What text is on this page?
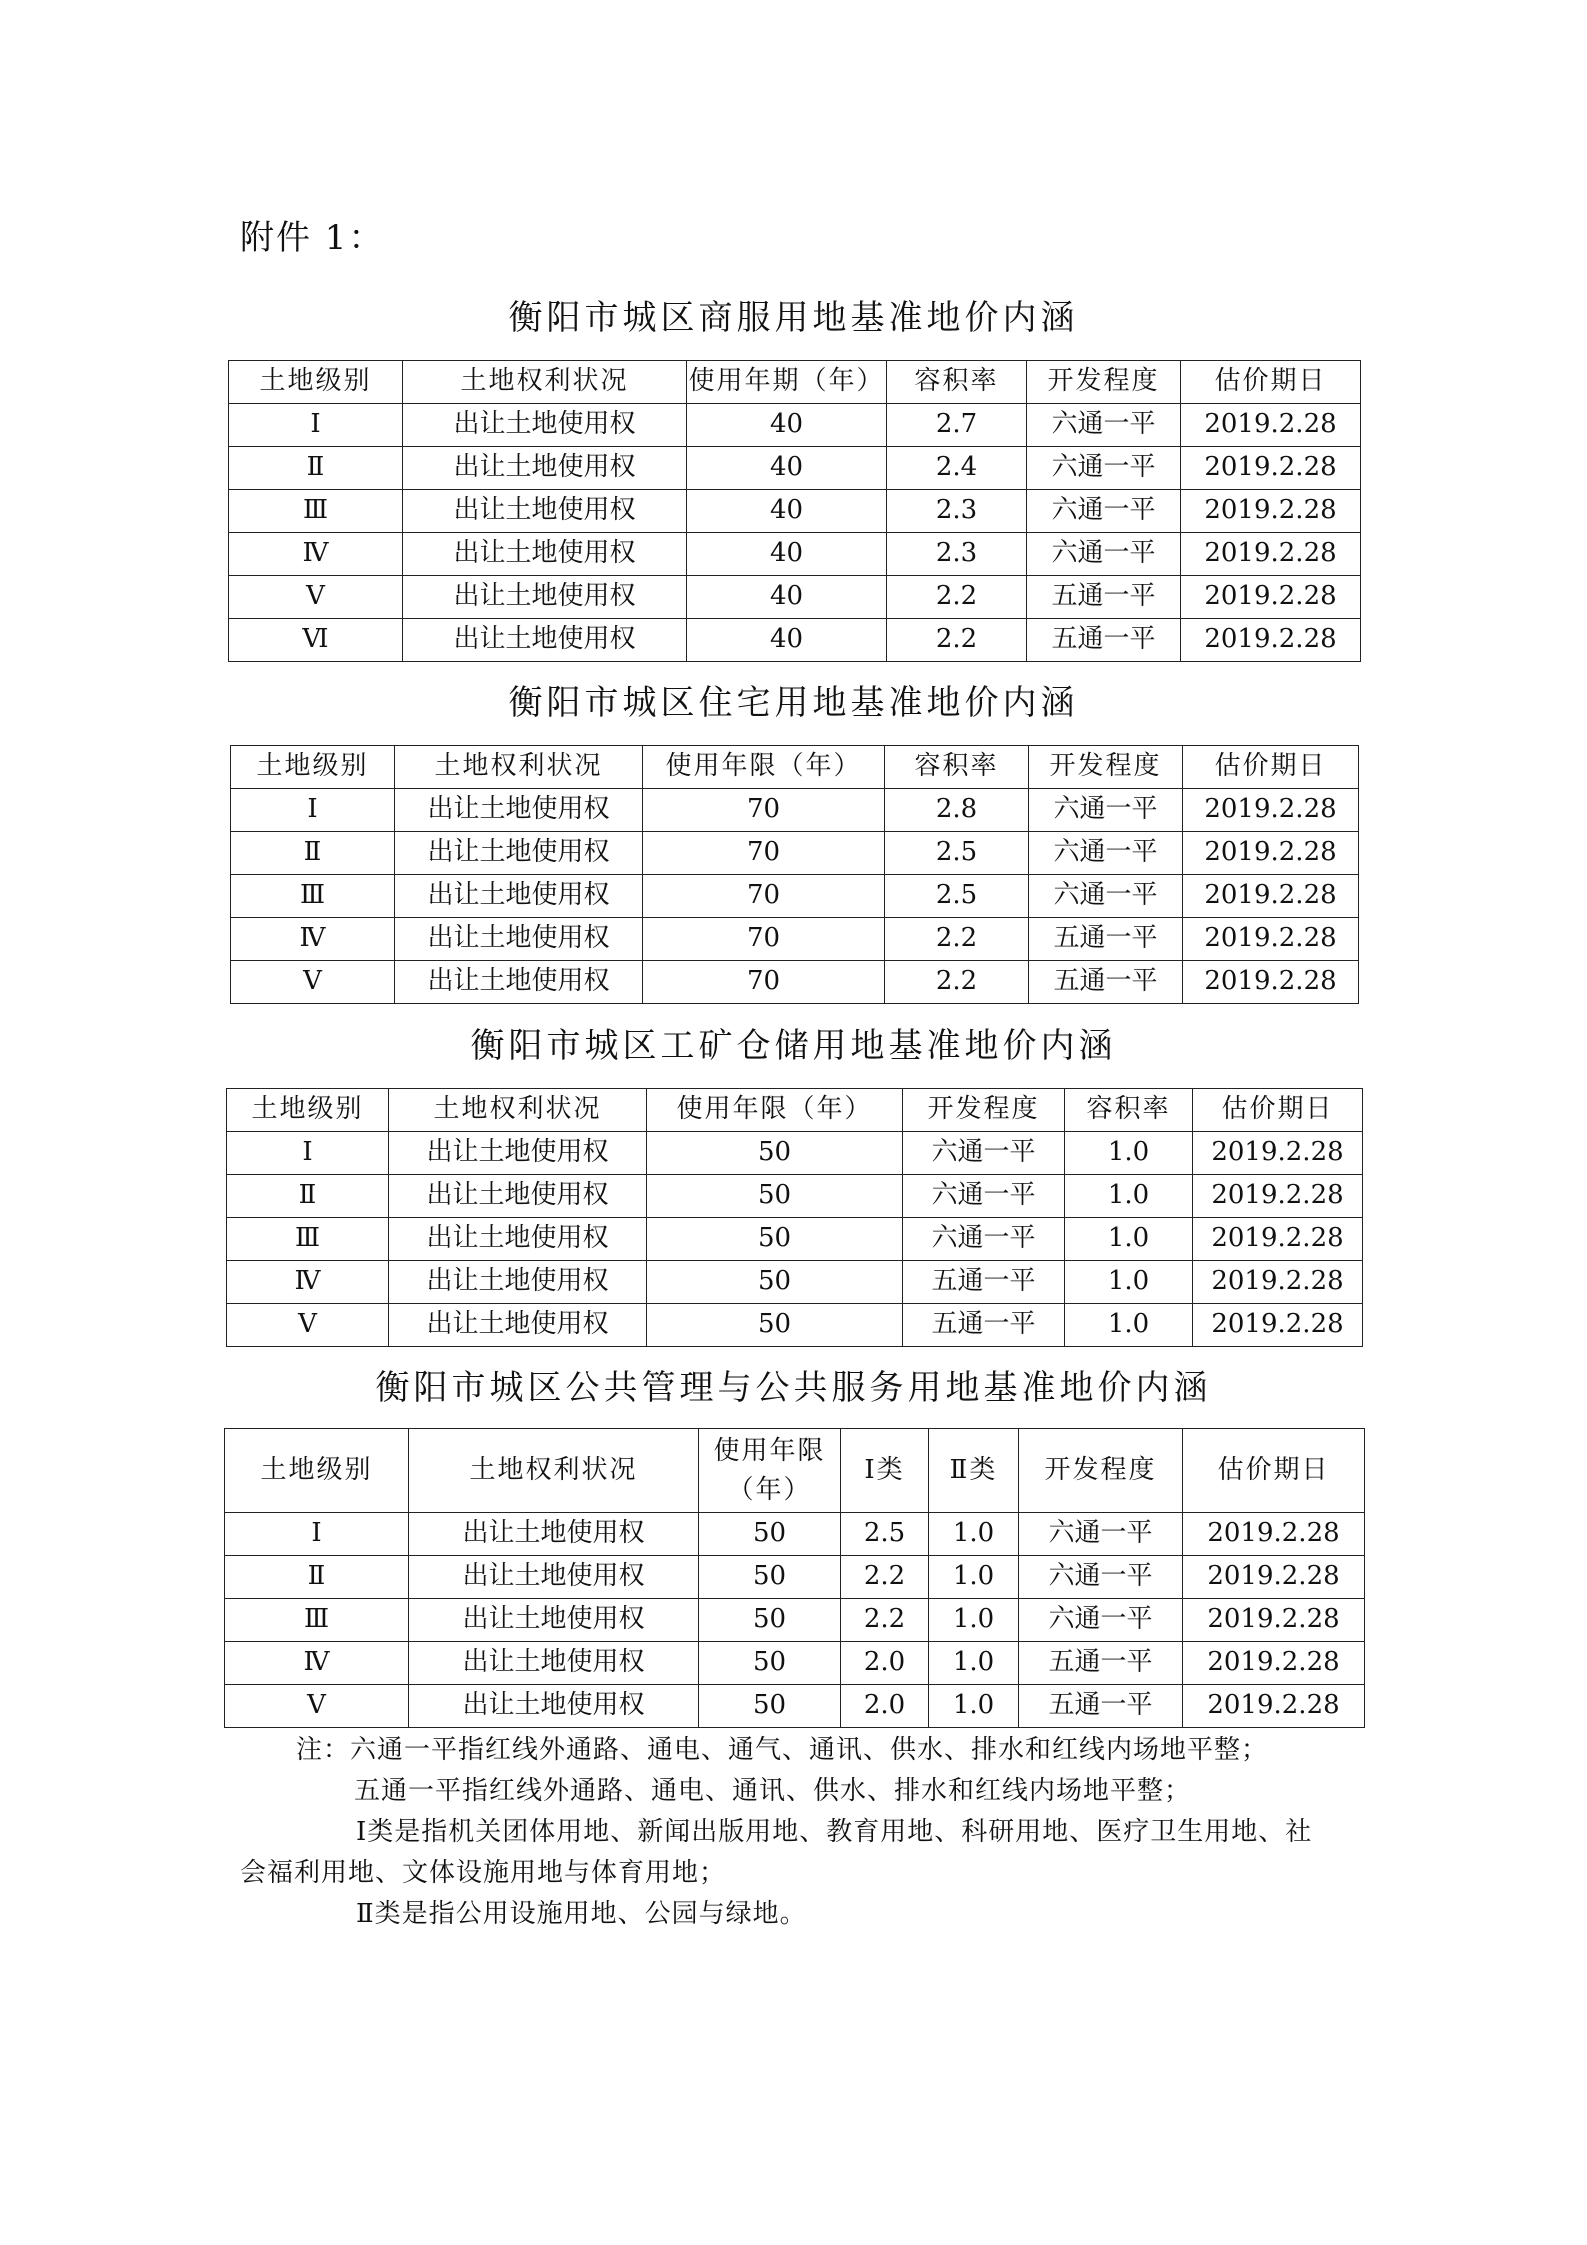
附件 1：
衡阳市城区商服用地基准地价内涵
土地级别	土地权利状况	使用年期（年）	容积率	开发程度	估价期日
Ⅰ	出让土地使用权	40	2.7	六通一平	2019.2.28
Ⅱ	出让土地使用权	40	2.4	六通一平	2019.2.28
Ⅲ	出让土地使用权	40	2.3	六通一平	2019.2.28
Ⅳ	出让土地使用权	40	2.3	六通一平	2019.2.28
Ⅴ	出让土地使用权	40	2.2	五通一平	2019.2.28
Ⅵ	出让土地使用权	40	2.2	五通一平	2019.2.28
衡阳市城区住宅用地基准地价内涵
土地级别	土地权利状况	使用年限（年）	容积率	开发程度	估价期日
Ⅰ	出让土地使用权	70	2.8	六通一平	2019.2.28
Ⅱ	出让土地使用权	70	2.5	六通一平	2019.2.28
Ⅲ	出让土地使用权	70	2.5	六通一平	2019.2.28
Ⅳ	出让土地使用权	70	2.2	五通一平	2019.2.28
Ⅴ	出让土地使用权	70	2.2	五通一平	2019.2.28
衡阳市城区工矿仓储用地基准地价内涵
土地级别	土地权利状况	使用年限（年）	开发程度	容积率	估价期日
Ⅰ	出让土地使用权	50	六通一平	1.0	2019.2.28
Ⅱ	出让土地使用权	50	六通一平	1.0	2019.2.28
Ⅲ	出让土地使用权	50	六通一平	1.0	2019.2.28
Ⅳ	出让土地使用权	50	五通一平	1.0	2019.2.28
Ⅴ	出让土地使用权	50	五通一平	1.0	2019.2.28
衡阳市城区公共管理与公共服务用地基准地价内涵
土地级别	土地权利状况	使用年限（年）	Ⅰ类	Ⅱ类	开发程度	估价期日
Ⅰ	出让土地使用权	50	2.5	1.0	六通一平	2019.2.28
Ⅱ	出让土地使用权	50	2.2	1.0	六通一平	2019.2.28
Ⅲ	出让土地使用权	50	2.2	1.0	六通一平	2019.2.28
Ⅳ	出让土地使用权	50	2.0	1.0	五通一平	2019.2.28
Ⅴ	出让土地使用权	50	2.0	1.0	五通一平	2019.2.28
注：六通一平指红线外通路、通电、通气、通讯、供水、排水和红线内场地平整；
五通一平指红线外通路、通电、通讯、供水、排水和红线内场地平整；
Ⅰ类是指机关团体用地、新闻出版用地、教育用地、科研用地、医疗卫生用地、社
会福利用地、文体设施用地与体育用地；
Ⅱ类是指公用设施用地、公园与绿地。
